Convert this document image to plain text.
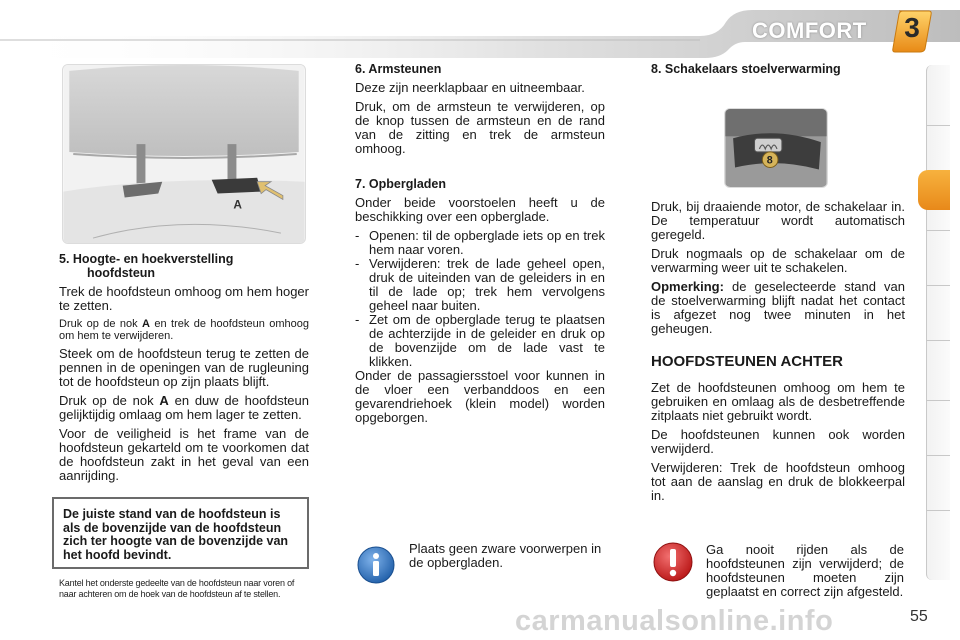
COMFORT	3
A
5. Hoogte- en hoekverstelling
hoofdsteun

Trek de hoofdsteun omhoog om hem hoger te zetten.

Druk op de nok A en trek de hoofdsteun omhoog om hem te verwijderen.

Steek om de hoofdsteun terug te zetten de pennen in de openingen van de rugleuning tot de hoofdsteun op zijn plaats blijft.

Druk op de nok A en duw de hoofdsteun gelijktijdig omlaag om hem lager te zetten.

Voor de veiligheid is het frame van de hoofdsteun gekarteld om te voorkomen dat de hoofdsteun zakt in het geval van een aanrijding.

De juiste stand van de hoofdsteun is als de bovenzijde van de hoofdsteun zich ter hoogte van de bovenzijde van het hoofd bevindt.
Kantel het onderste gedeelte van de hoofdsteun naar voren of naar achteren om de hoek van de hoofdsteun af te stellen.
6. Armsteunen

Deze zijn neerklapbaar en uitneembaar.

Druk, om de armsteun te verwijderen, op de knop tussen de armsteun en de rand van de zitting en trek de armsteun omhoog.

7. Opbergladen

Onder beide voorstoelen heeft u de beschikking over een opberglade.

- Openen: til de opberglade iets op en trek hem naar voren.
- Verwijderen: trek de lade geheel open, druk de uiteinden van de geleiders in en til de lade op; trek hem vervolgens geheel naar buiten.
- Zet om de opberglade terug te plaatsen de achterzijde in de geleider en druk op de bovenzijde om de lade vast te klikken.

Onder de passagiersstoel voor kunnen in de vloer een verbanddoos en een gevarendriehoek (klein model) worden opgeborgen.

Plaats geen zware voorwerpen in de opbergladen.
8
8. Schakelaars stoelverwarming

Druk, bij draaiende motor, de schakelaar in. De temperatuur wordt automatisch geregeld.

Druk nogmaals op de schakelaar om de verwarming weer uit te schakelen.

Opmerking: de geselecteerde stand van de stoelverwarming blijft nadat het contact is afgezet nog twee minuten in het geheugen.

HOOFDSTEUNEN ACHTER

Zet de hoofdsteunen omhoog om hem te gebruiken en omlaag als de desbetreffende zitplaats niet gebruikt wordt.

De hoofdsteunen kunnen ook worden verwijderd.

Verwijderen: Trek de hoofdsteun omhoog tot aan de aanslag en druk de blokkeerpal in.

Ga nooit rijden als de hoofdsteunen zijn verwijderd; de hoofdsteunen moeten zijn geplaatst en correct zijn afgesteld.
carmanualsonline.info	55
